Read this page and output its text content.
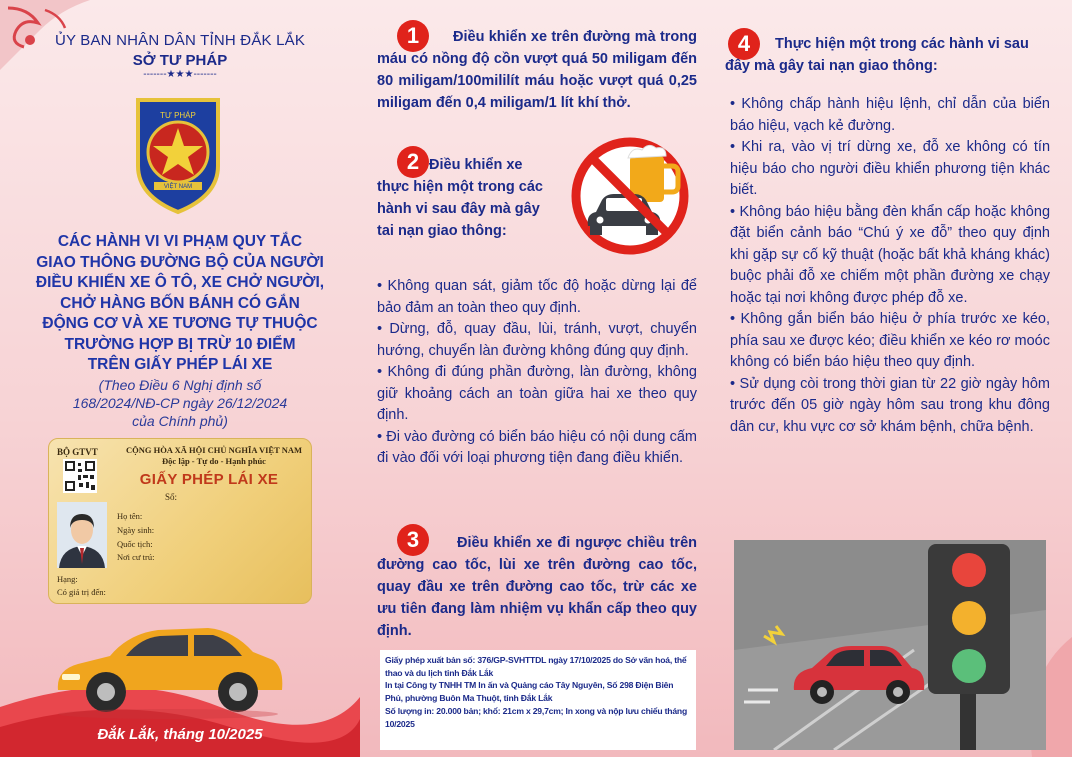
ỦY BAN NHÂN DÂN TỈNH ĐẮK LẮK
SỞ TƯ PHÁP
-------★★★-------
TƯ PHÁP
VIỆT NAM
CÁC HÀNH VI VI PHẠM QUY TẮC
GIAO THÔNG ĐƯỜNG BỘ CỦA NGƯỜI
ĐIỀU KHIỂN XE Ô TÔ, XE CHỞ NGƯỜI,
CHỞ HÀNG BỐN BÁNH CÓ GẮN
ĐỘNG CƠ VÀ XE TƯƠNG TỰ THUỘC
TRƯỜNG HỢP BỊ TRỪ 10 ĐIỂM
TRÊN GIẤY PHÉP LÁI XE
(Theo Điều 6 Nghị định số
168/2024/NĐ-CP ngày 26/12/2024
của Chính phủ)
BỘ GTVT	CỘNG HÒA XÃ HỘI CHỦ NGHĨA VIỆT NAM
Độc lập - Tự do - Hạnh phúc
GIẤY PHÉP LÁI XE
Số:
Họ tên:
Ngày sinh:
Quốc tịch:
Nơi cư trú:
Hạng:
Có giá trị đến:
Đắk Lắk, tháng 10/2025
1	Điều khiển xe trên đường mà trong máu có nồng độ cồn vượt quá 50 miligam đến 80 miligam/100mililít máu hoặc vượt quá 0,25 miligam đến 0,4 miligam/1 lít khí thở.
2 Điều khiển xe thực hiện một trong các hành vi sau đây mà gây tai nạn giao thông:
• Không quan sát, giảm tốc độ hoặc dừng lại để bảo đảm an toàn theo quy định.
• Dừng, đỗ, quay đầu, lùi, tránh, vượt, chuyển hướng, chuyển làn đường không đúng quy định.
• Không đi đúng phần đường, làn đường, không giữ khoảng cách an toàn giữa hai xe theo quy định.
• Đi vào đường có biển báo hiệu có nội dung cấm đi vào đối với loại phương tiện đang điều khiển.
3	Điều khiển xe đi ngược chiều trên đường cao tốc, lùi xe trên đường cao tốc, quay đầu xe trên đường cao tốc, trừ các xe ưu tiên đang làm nhiệm vụ khẩn cấp theo quy định.
Giấy phép xuất bản số: 376/GP-SVHTTDL ngày 17/10/2025 do Sở văn hoá, thể thao và du lịch tỉnh Đắk Lắk
In tại Công ty TNHH TM In ấn và Quảng cáo Tây Nguyên, Số 298 Điện Biên Phủ, phường Buôn Ma Thuột, tỉnh Đắk Lắk
Số lượng in: 20.000 bản; khổ: 21cm x 29,7cm; In xong và nộp lưu chiểu tháng 10/2025
4	Thực hiện một trong các hành vi sau đây mà gây tai nạn giao thông:
• Không chấp hành hiệu lệnh, chỉ dẫn của biển báo hiệu, vạch kẻ đường.
• Khi ra, vào vị trí dừng xe, đỗ xe không có tín hiệu báo cho người điều khiển phương tiện khác biết.
• Không báo hiệu bằng đèn khẩn cấp hoặc không đặt biển cảnh báo “Chú ý xe đỗ” theo quy định khi gặp sự cố kỹ thuật (hoặc bất khả kháng khác) buộc phải đỗ xe chiếm một phần đường xe chạy hoặc tại nơi không được phép đỗ xe.
• Không gắn biển báo hiệu ở phía trước xe kéo, phía sau xe được kéo; điều khiển xe kéo rơ moóc không có biển báo hiệu theo quy định.
• Sử dụng còi trong thời gian từ 22 giờ ngày hôm trước đến 05 giờ ngày hôm sau trong khu đông dân cư, khu vực cơ sở khám bệnh, chữa bệnh.
